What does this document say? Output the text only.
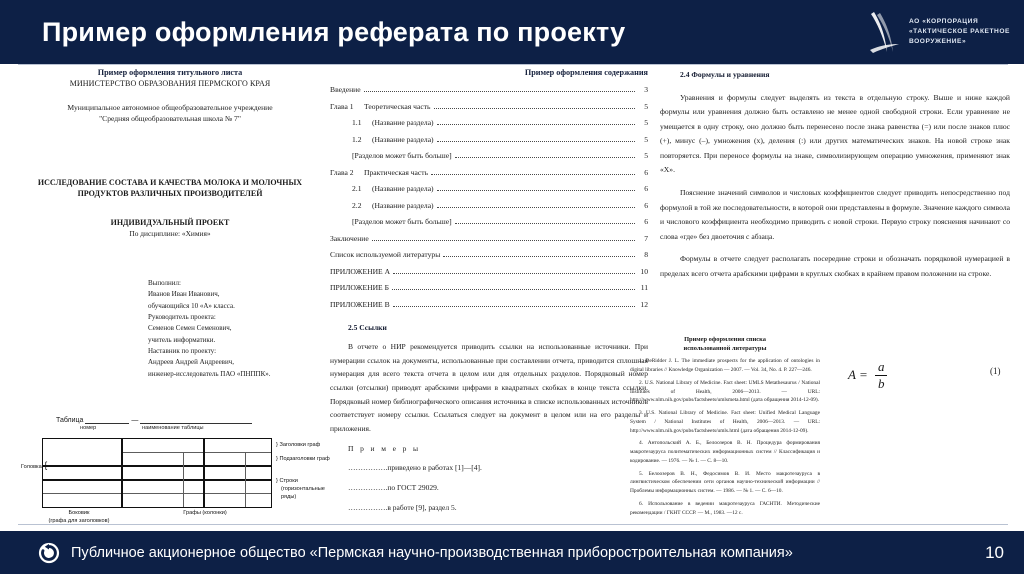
Пример оформления реферата по проекту	АО «КОРПОРАЦИЯ
«ТАКТИЧЕСКОЕ РАКЕТНОЕ
ВООРУЖЕНИЕ»

Пример оформления титульного листа

МИНИСТЕРСТВО ОБРАЗОВАНИЯ ПЕРМСКОГО КРАЯ

Муниципальное автономное общеобразовательное учреждение
"Средняя общеобразовательная школа № 7"

ИССЛЕДОВАНИЕ СОСТАВА И КАЧЕСТВА МОЛОКА И МОЛОЧНЫХ
ПРОДУКТОВ РАЗЛИЧНЫХ ПРОИЗВОДИТЕЛЕЙ

ИНДИВИДУАЛЬНЫЙ ПРОЕКТ

По дисциплине: «Химия»

Выполнил:
Иванов Иван Иванович,
обучающийся 10 «А» класса.
Руководитель проекта:
Семенов Семен Семенович,
учитель информатики.
Наставник по проекту:
Андреев Андрей Андреевич,
инженер-исследователь ПАО «ПНППК».
Таблица	—
номер	наименование таблицы
Головка
} Заголовки граф
} Подзаголовки граф
} Строки
(горизонтальные
ряды)
Боковик
(графа для заголовков)
Графы (колонки)

Пример оформления содержания

Введение	3
Глава 1	Теоретическая часть	5
1.1	(Название раздела)	5
1.2	(Название раздела)	5
[Разделов может быть больше]	5
Глава 2	Практическая часть	6
2.1	(Название раздела)	6
2.2	(Название раздела)	6
[Разделов может быть больше]	6
Заключение	7
Список используемой литературы	8
ПРИЛОЖЕНИЕ А	10
ПРИЛОЖЕНИЕ Б	11
ПРИЛОЖЕНИЕ В	12

2.5 Ссылки

В отчете о НИР рекомендуется приводить ссылки на использованные источники. При нумерации ссылок на документы, использованные при составлении отчета, приводится сплошная нумерация для всего текста отчета в целом или для отдельных разделов. Порядковый номер ссылки (отсылки) приводят арабскими цифрами в квадратных скобках в конце текста ссылки. Порядковый номер библиографического описания источника в списке использованных источников соответствует номеру ссылки. Ссылаться следует на документ в целом или на его разделы и приложения.

П р и м е р ы

…………….приведено в работах [1]—[4].

…………….по ГОСТ 29029.

…………….в работе [9], раздел 5.

2.4 Формулы и уравнения

Уравнения и формулы следует выделять из текста в отдельную строку. Выше и ниже каждой формулы или уравнения должно быть оставлено не менее одной свободной строки. Если уравнение не умещается в одну строку, оно должно быть перенесено после знака равенства (=) или после знаков плюс (+), минус (–), умножения (х), деления (:) или других математических знаков. На новой строке знак повторяется. При переносе формулы на знаке, символизирующем операцию умножения, применяют знак «Х».

Пояснение значений символов и числовых коэффициентов следует приводить непосредственно под формулой в той же последовательности, в которой они представлены в формуле. Значение каждого символа и числового коэффициента необходимо приводить с новой строки. Первую строку пояснения начинают со слова «где» без двоеточия с абзаца.

Формулы в отчете следует располагать посередине строки и обозначать порядковой нумерацией в пределах всего отчета арабскими цифрами в круглых скобках в крайнем правом положении на строке.

Пример оформления списка
использованной литературы

1. DeRidder J. L. The immediate prospects for the application of ontologies in digital libraries // Knowledge Organization — 2007. — Vol. 34, No. 4. P. 227—246.

2. U.S. National Library of Medicine. Fact sheet: UMLS Metathesaurus / National Institutes of Health, 2006—2013. — URL: http://www.nlm.nih.gov/pubs/factsheets/umlsmeta.html (дата обращения 2014-12-09).

3. U.S. National Library of Medicine. Fact sheet: Unified Medical Language System / National Institutes of Health, 2006—2013. — URL: http://www.nlm.nih.gov/pubs/factsheets/umls.html (дата обращения 2014-12-09).

4. Антопольский А. Б., Белоозеров В. Н. Процедура формирования макротезауруса политематических информационных систем // Классификация и кодирование. — 1976. — № 1. — С. 8—10.

5. Белоозеров В. Н., Федосимов В. И. Место макротезауруса в лингвистическом обеспечении сети органов научно-технической информации // Проблемы информационных систем. — 1986. — № 1. — С. 6—10.

6. Использование в ведении макротезауруса ГАСНТИ. Методические рекомендации / ГКНТ СССР. — М., 1983. —12 с.

$A = \frac{a}{b}$	(1)
Публичное акционерное общество «Пермская научно-производственная приборостроительная компания»	10
